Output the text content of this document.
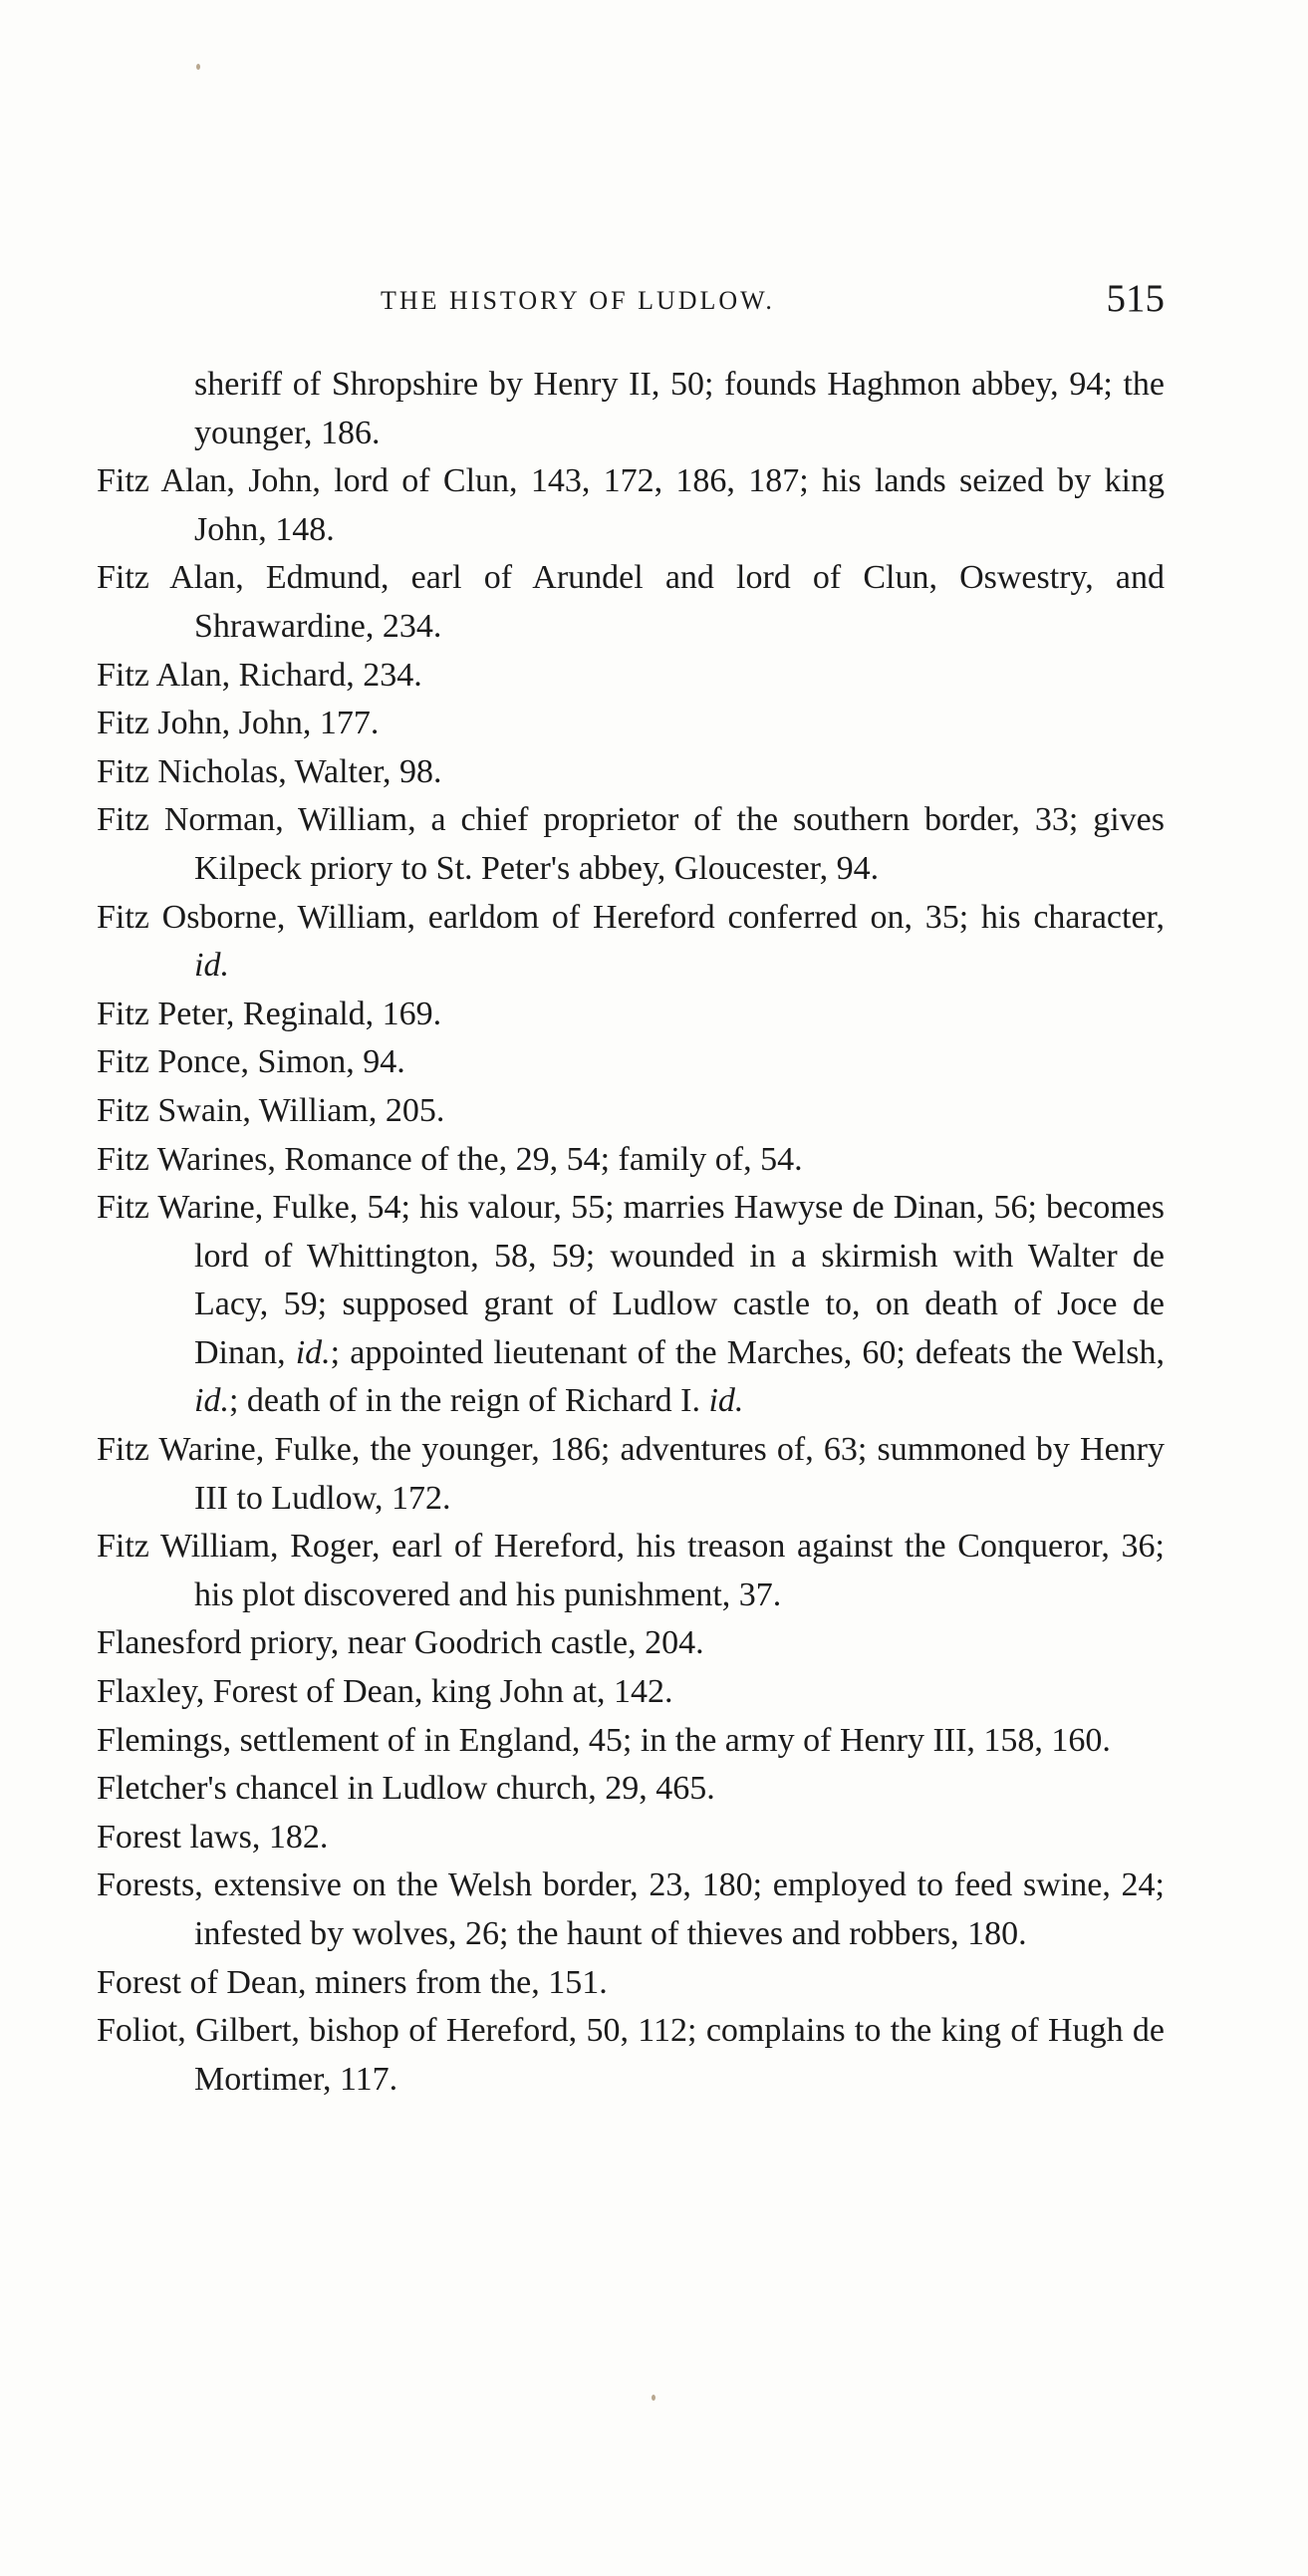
THE HISTORY OF LUDLOW.	515
sheriff of Shropshire by Henry II, 50; founds Haghmon abbey, 94; the younger, 186.
Fitz Alan, John, lord of Clun, 143, 172, 186, 187; his lands seized by king John, 148.
Fitz Alan, Edmund, earl of Arundel and lord of Clun, Oswestry, and Shrawardine, 234.
Fitz Alan, Richard, 234.
Fitz John, John, 177.
Fitz Nicholas, Walter, 98.
Fitz Norman, William, a chief proprietor of the southern border, 33; gives Kilpeck priory to St. Peter's abbey, Gloucester, 94.
Fitz Osborne, William, earldom of Hereford conferred on, 35; his character, id.
Fitz Peter, Reginald, 169.
Fitz Ponce, Simon, 94.
Fitz Swain, William, 205.
Fitz Warines, Romance of the, 29, 54; family of, 54.
Fitz Warine, Fulke, 54; his valour, 55; marries Hawyse de Dinan, 56; becomes lord of Whittington, 58, 59; wounded in a skirmish with Walter de Lacy, 59; supposed grant of Ludlow castle to, on death of Joce de Dinan, id.; appointed lieutenant of the Marches, 60; defeats the Welsh, id.; death of in the reign of Richard I. id.
Fitz Warine, Fulke, the younger, 186; adventures of, 63; summoned by Henry III to Ludlow, 172.
Fitz William, Roger, earl of Hereford, his treason against the Conqueror, 36; his plot discovered and his punishment, 37.
Flanesford priory, near Goodrich castle, 204.
Flaxley, Forest of Dean, king John at, 142.
Flemings, settlement of in England, 45; in the army of Henry III, 158, 160.
Fletcher's chancel in Ludlow church, 29, 465.
Forest laws, 182.
Forests, extensive on the Welsh border, 23, 180; employed to feed swine, 24; infested by wolves, 26; the haunt of thieves and robbers, 180.
Forest of Dean, miners from the, 151.
Foliot, Gilbert, bishop of Hereford, 50, 112; complains to the king of Hugh de Mortimer, 117.
